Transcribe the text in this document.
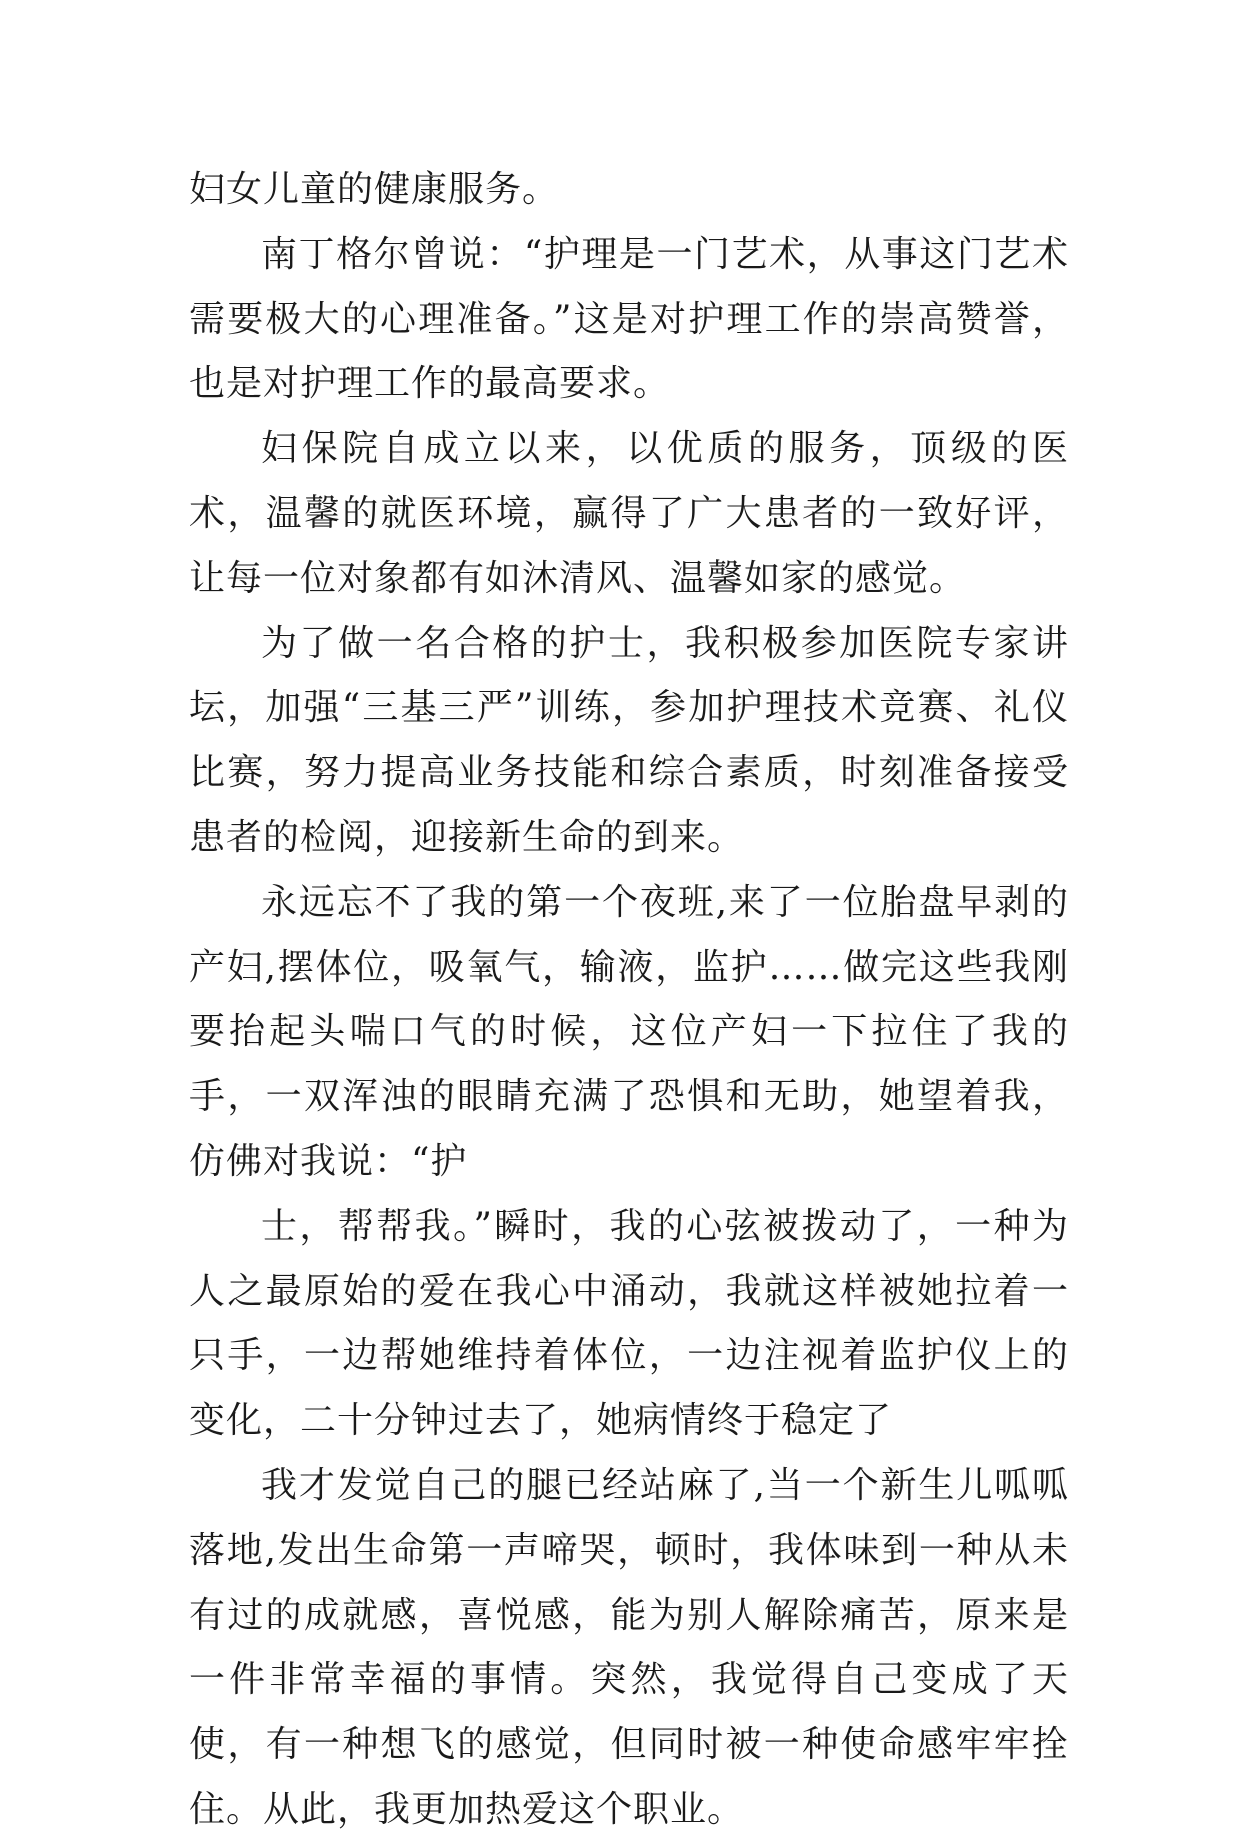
妇女儿童的健康服务。

南丁格尔曾说：“护理是一门艺术，从事这门艺术需要极大的心理准备。”这是对护理工作的崇高赞誉，也是对护理工作的最高要求。

妇保院自成立以来，以优质的服务，顶级的医术，温馨的就医环境，赢得了广大患者的一致好评，让每一位对象都有如沐清风、温馨如家的感觉。

为了做一名合格的护士，我积极参加医院专家讲坛，加强“三基三严”训练，参加护理技术竞赛、礼仪比赛，努力提高业务技能和综合素质，时刻准备接受患者的检阅，迎接新生命的到来。

永远忘不了我的第一个夜班,来了一位胎盘早剥的产妇,摆体位，吸氧气，输液，监护……做完这些我刚要抬起头喘口气的时候，这位产妇一下拉住了我的手，一双浑浊的眼睛充满了恐惧和无助，她望着我，仿佛对我说：“护

士，帮帮我。”瞬时，我的心弦被拨动了，一种为人之最原始的爱在我心中涌动，我就这样被她拉着一只手，一边帮她维持着体位，一边注视着监护仪上的变化，二十分钟过去了，她病情终于稳定了

我才发觉自己的腿已经站麻了,当一个新生儿呱呱落地,发出生命第一声啼哭，顿时，我体味到一种从未有过的成就感，喜悦感，能为别人解除痛苦，原来是一件非常幸福的事情。突然，我觉得自己变成了天使，有一种想飞的感觉，但同时被一种使命感牢牢拴住。从此，我更加热爱这个职业。
